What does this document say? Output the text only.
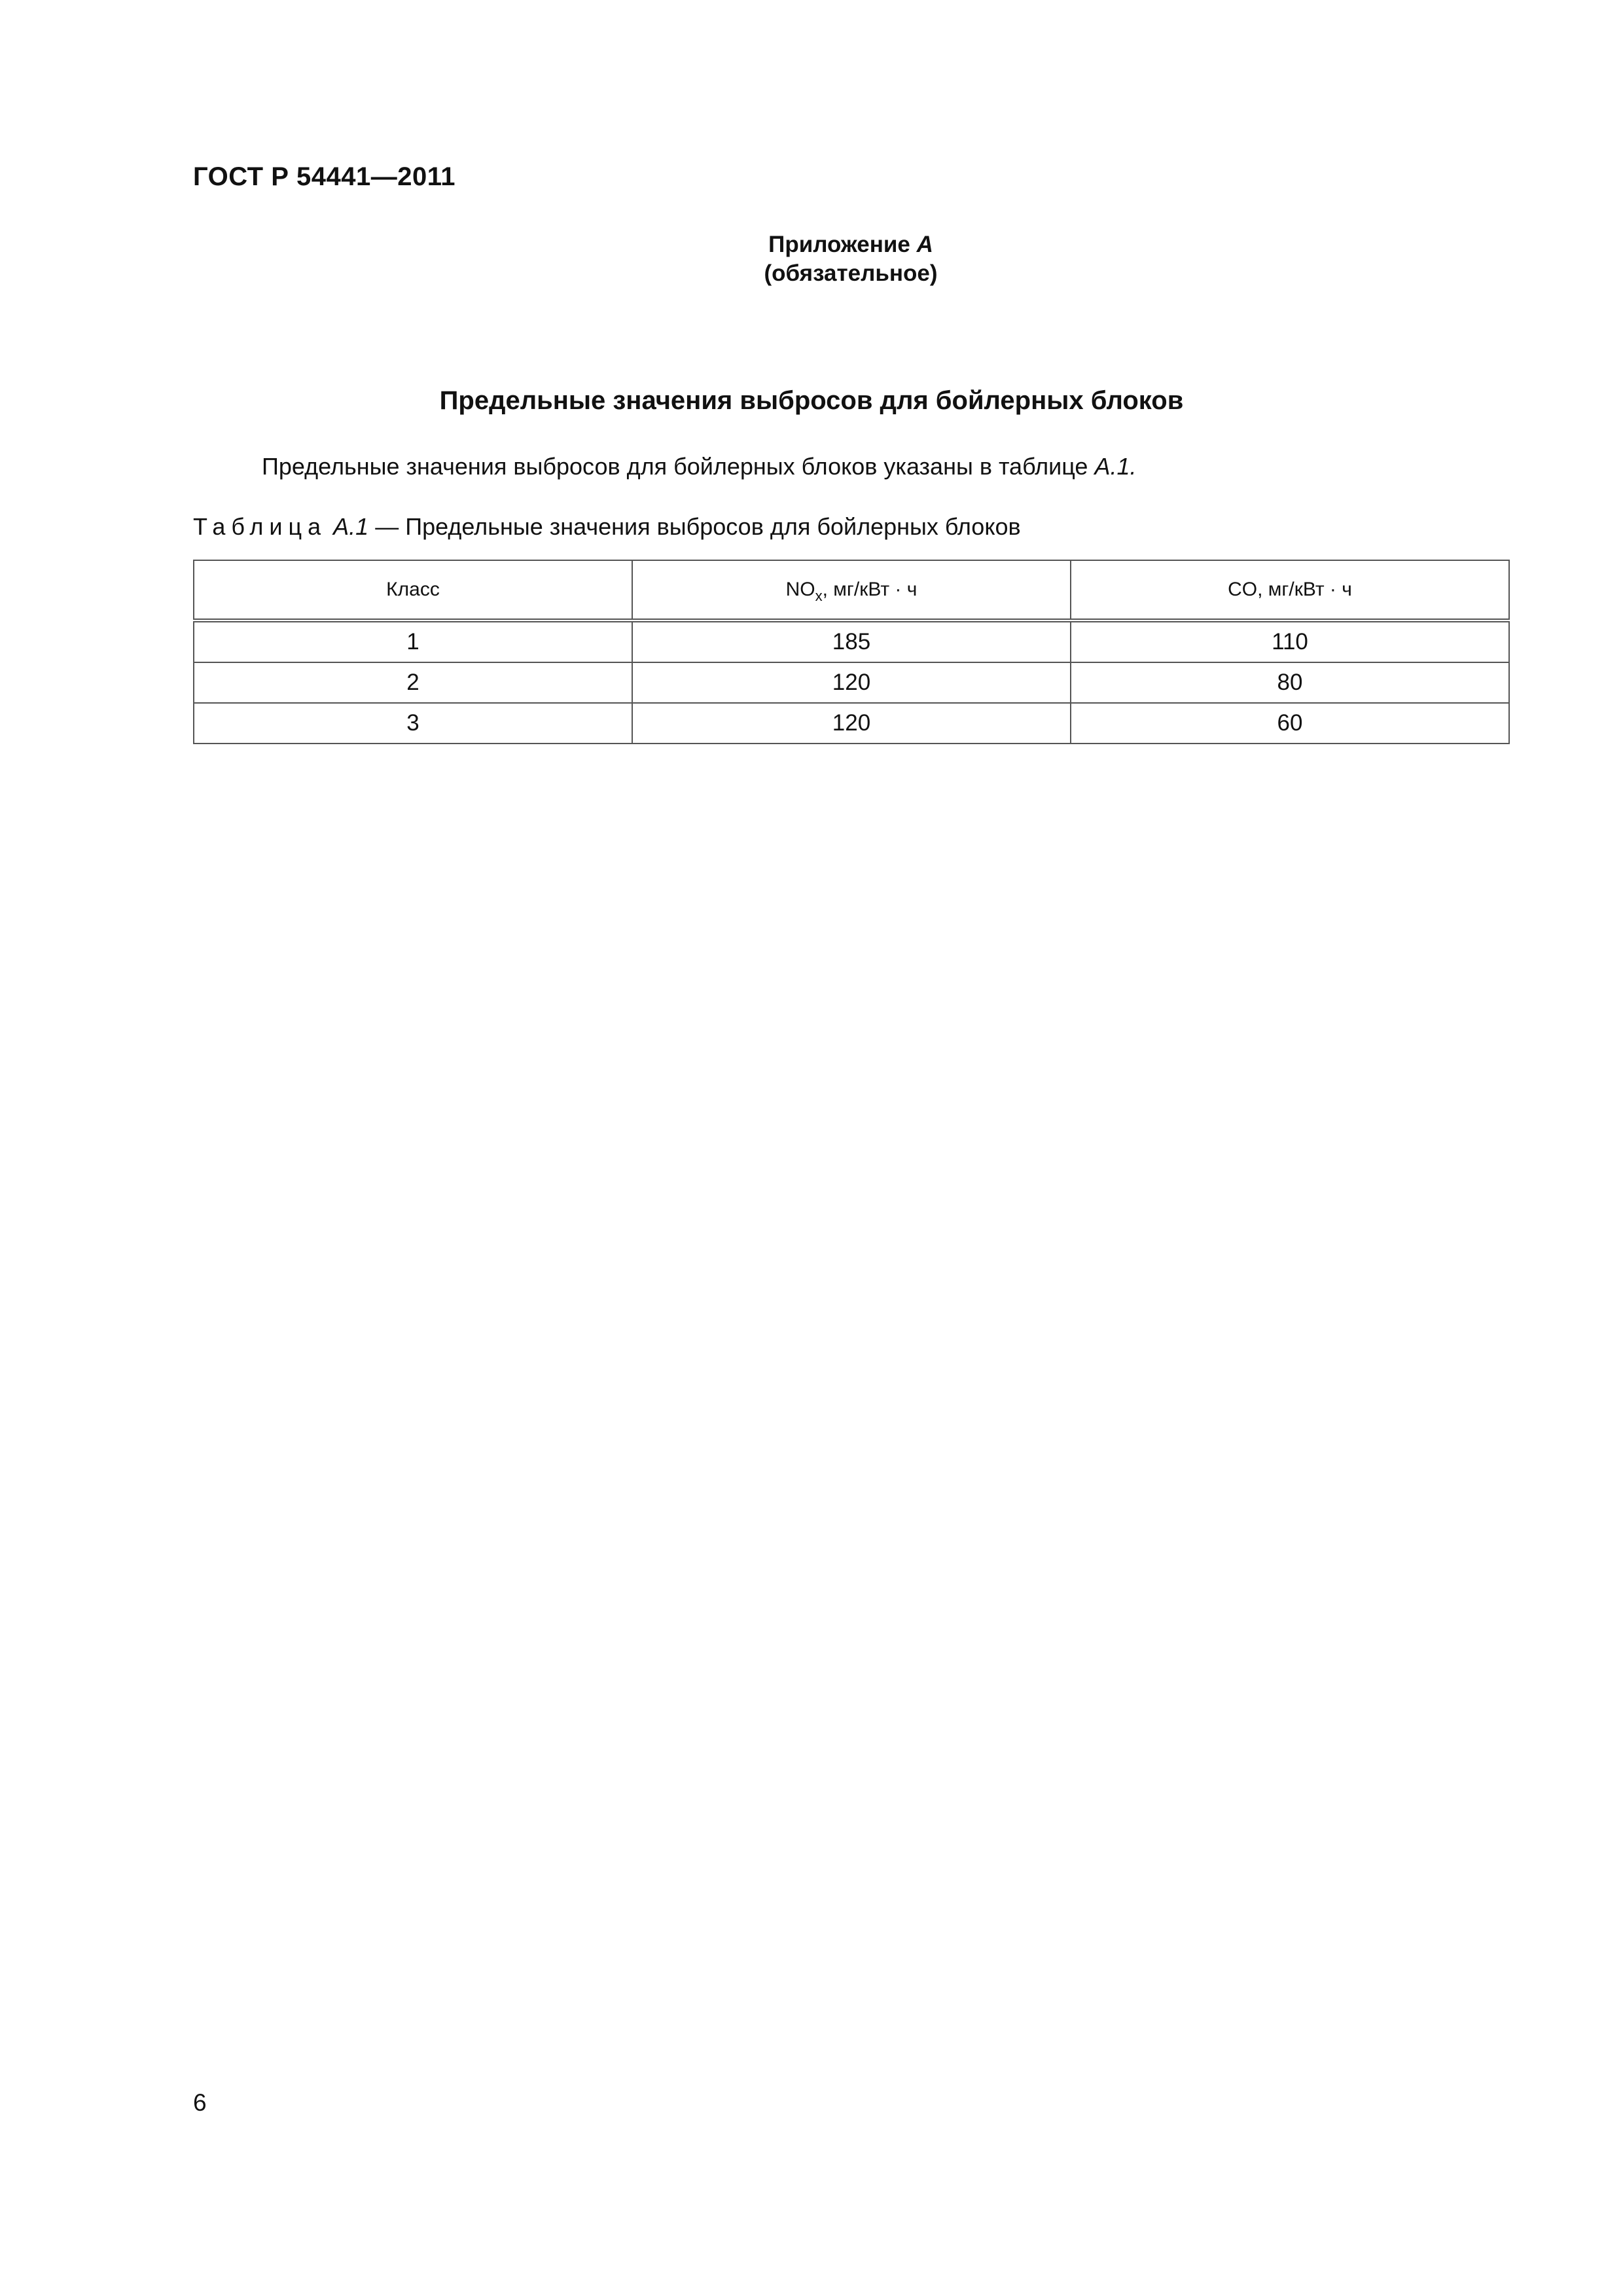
ГОСТ Р 54441—2011
Приложение А
(обязательное)
Предельные значения выбросов для бойлерных блоков
Предельные значения выбросов для бойлерных блоков указаны в таблице А.1.
Таблица А.1 — Предельные значения выбросов для бойлерных блоков
Класс	$NO_x$, мг/кВт · ч	CO, мг/кВт · ч
1	185	110
2	120	80
3	120	60
6
